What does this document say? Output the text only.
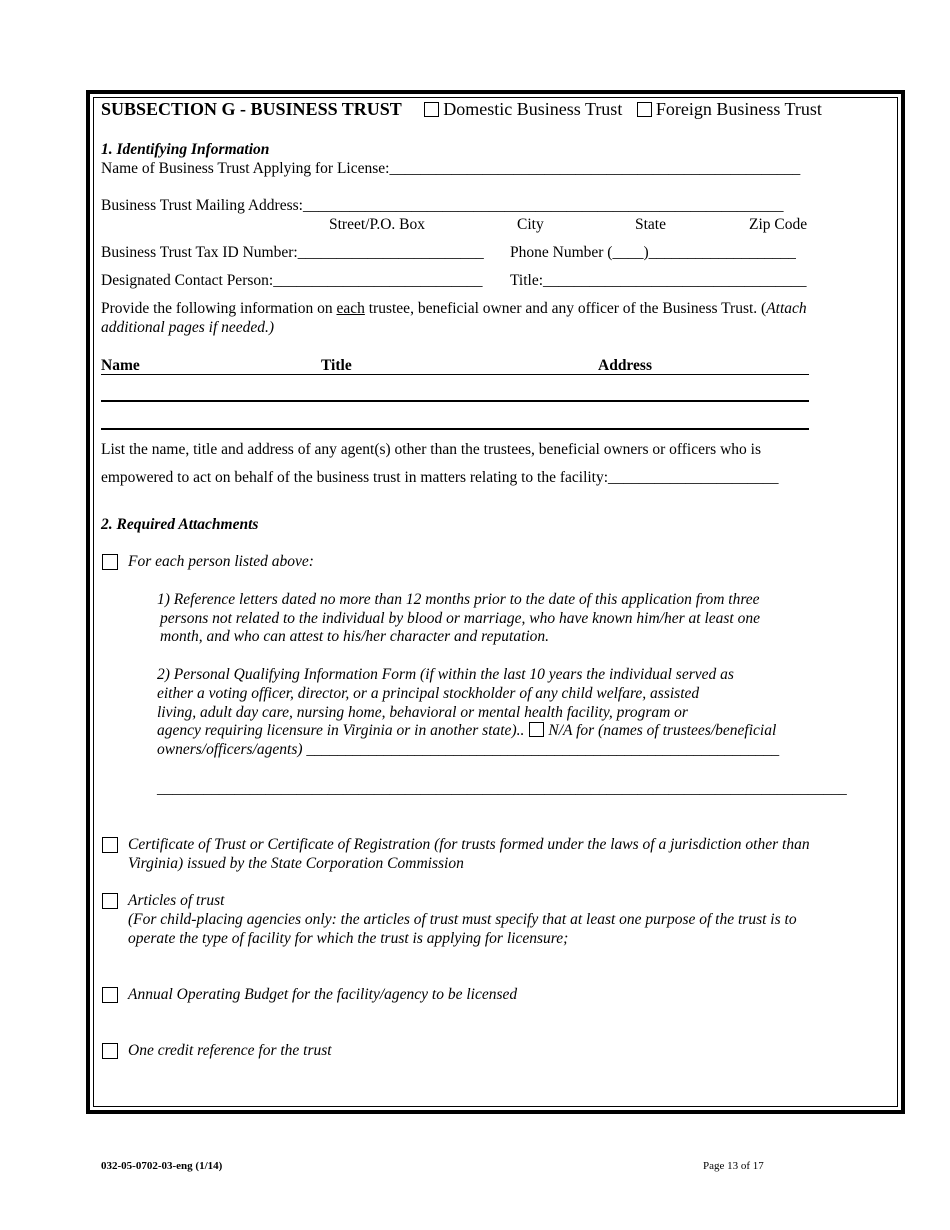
SUBSECTION G - BUSINESS TRUST Domestic Business Trust Foreign Business Trust
1. Identifying Information
Name of Business Trust Applying for License:_____________________________________________________
Business Trust Mailing Address:______________________________________________________________
Street/P.O. Box	City	State	Zip Code
Business Trust Tax ID Number:________________________ Phone Number (____)___________________
Designated Contact Person:___________________________ Title:__________________________________
Provide the following information on each trustee, beneficial owner and any officer of the Business Trust. (Attach
additional pages if needed.)
Name	Title	Address
List the name, title and address of any agent(s) other than the trustees, beneficial owners or officers who is
empowered to act on behalf of the business trust in matters relating to the facility:______________________
2. Required Attachments
For each person listed above:
1) Reference letters dated no more than 12 months prior to the date of this application from three
persons not related to the individual by blood or marriage, who have known him/her at least one
month, and who can attest to his/her character and reputation.
2) Personal Qualifying Information Form (if within the last 10 years the individual served as
either a voting officer, director, or a principal stockholder of any child welfare, assisted
living, adult day care, nursing home, behavioral or mental health facility, program or
agency requiring licensure in Virginia or in another state).. N/A for (names of trustees/beneficial
owners/officers/agents) _____________________________________________________________
_________________________________________________________________________________________
Certificate of Trust or Certificate of Registration (for trusts formed under the laws of a jurisdiction other than
Virginia) issued by the State Corporation Commission
Articles of trust
(For child-placing agencies only: the articles of trust must specify that at least one purpose of the trust is to
operate the type of facility for which the trust is applying for licensure;
Annual Operating Budget for the facility/agency to be licensed
One credit reference for the trust
032-05-0702-03-eng (1/14)	Page 13 of 17
